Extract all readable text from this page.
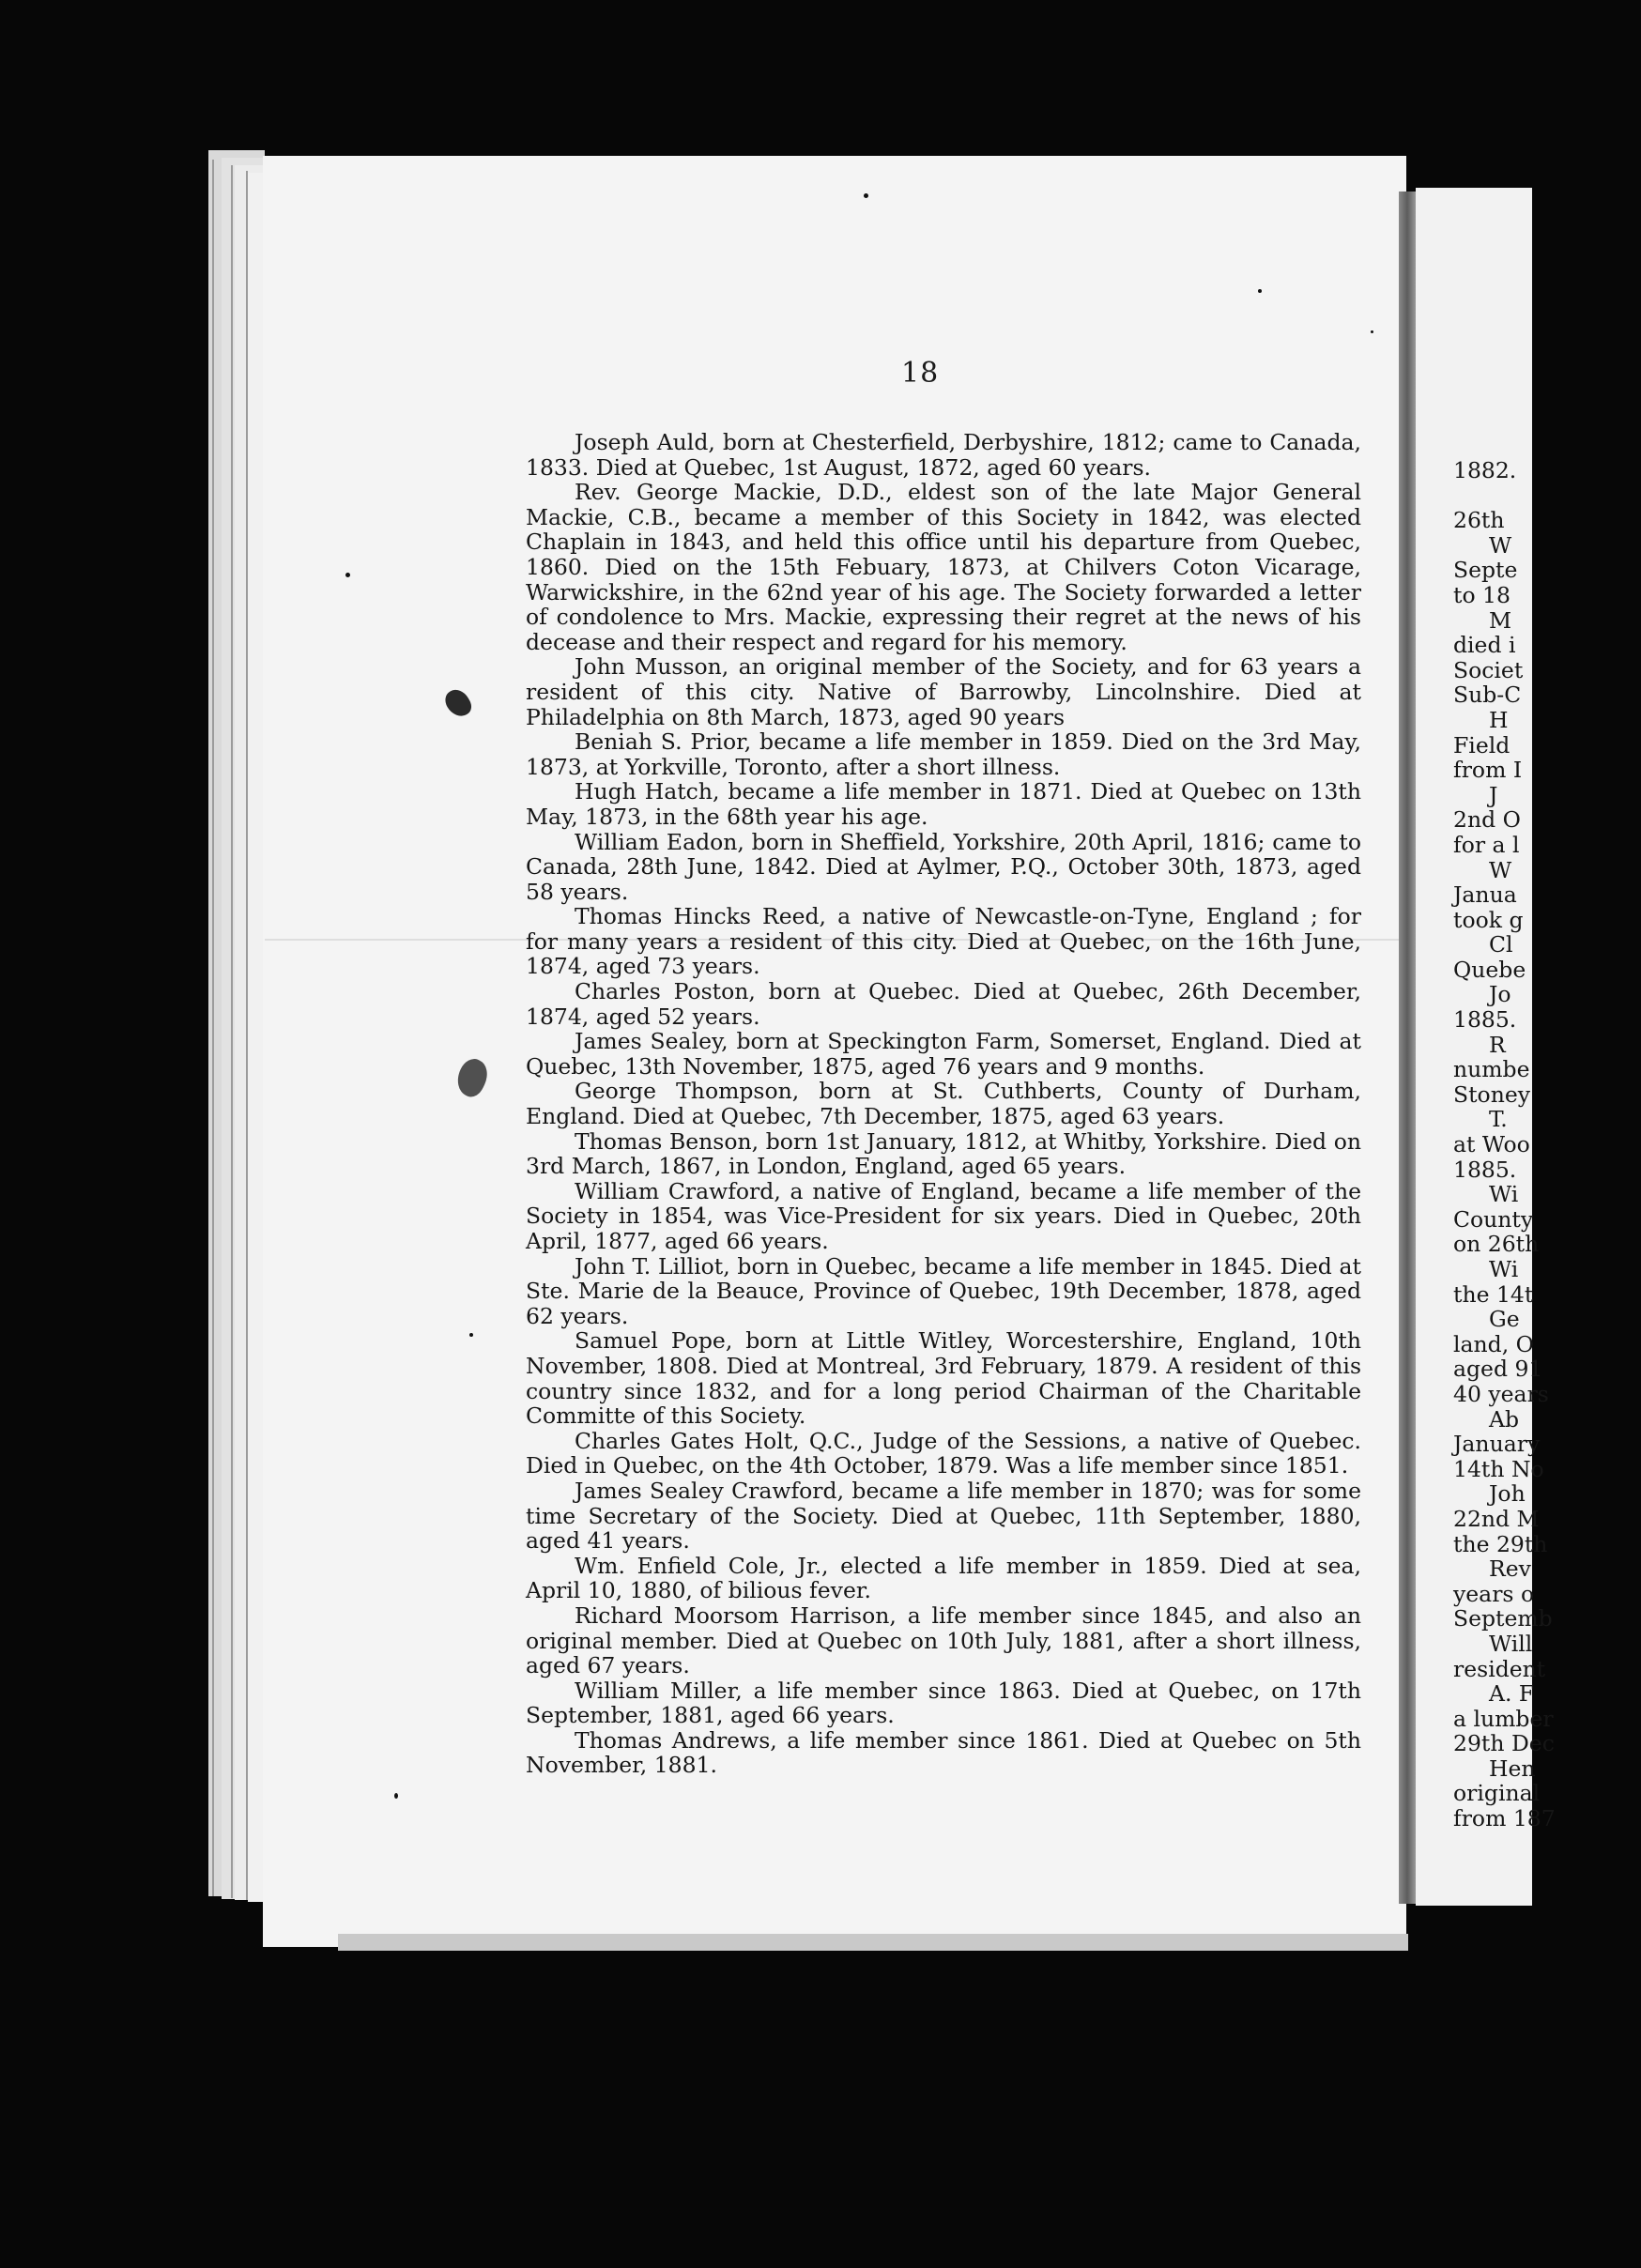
18

Joseph Auld, born at Chesterfield, Derbyshire, 1812; came to Canada, 1833. Died at Quebec, 1st August, 1872, aged 60 years.

Rev. George Mackie, D.D., eldest son of the late Major General Mackie, C.B., became a member of this Society in 1842, was elected Chaplain in 1843, and held this office until his departure from Quebec, 1860. Died on the 15th Febuary, 1873, at Chilvers Coton Vicarage, Warwickshire, in the 62nd year of his age. The Society forwarded a letter of condolence to Mrs. Mackie, expressing their regret at the news of his decease and their respect and regard for his memory.

John Musson, an original member of the Society, and for 63 years a resident of this city. Native of Barrowby, Lincolnshire. Died at Philadelphia on 8th March, 1873, aged 90 years

Beniah S. Prior, became a life member in 1859. Died on the 3rd May, 1873, at Yorkville, Toronto, after a short illness.

Hugh Hatch, became a life member in 1871. Died at Quebec on 13th May, 1873, in the 68th year his age.

William Eadon, born in Sheffield, Yorkshire, 20th April, 1816; came to Canada, 28th June, 1842. Died at Aylmer, P.Q., October 30th, 1873, aged 58 years.

Thomas Hincks Reed, a native of Newcastle-on-Tyne, England ; for for many years a resident of this city. Died at Quebec, on the 16th June, 1874, aged 73 years.

Charles Poston, born at Quebec. Died at Quebec, 26th December, 1874, aged 52 years.

James Sealey, born at Speckington Farm, Somerset, England. Died at Quebec, 13th November, 1875, aged 76 years and 9 months.

George Thompson, born at St. Cuthberts, County of Durham, England. Died at Quebec, 7th December, 1875, aged 63 years.

Thomas Benson, born 1st January, 1812, at Whitby, Yorkshire. Died on 3rd March, 1867, in London, England, aged 65 years.

William Crawford, a native of England, became a life member of the Society in 1854, was Vice-President for six years. Died in Quebec, 20th April, 1877, aged 66 years.

John T. Lilliot, born in Quebec, became a life member in 1845. Died at Ste. Marie de la Beauce, Province of Quebec, 19th December, 1878, aged 62 years.

Samuel Pope, born at Little Witley, Worcestershire, England, 10th November, 1808. Died at Montreal, 3rd February, 1879. A resident of this country since 1832, and for a long period Chairman of the Charitable Committe of this Society.

Charles Gates Holt, Q.C., Judge of the Sessions, a native of Quebec. Died in Quebec, on the 4th October, 1879. Was a life member since 1851.

James Sealey Crawford, became a life member in 1870; was for some time Secretary of the Society. Died at Quebec, 11th September, 1880, aged 41 years.

Wm. Enfield Cole, Jr., elected a life member in 1859. Died at sea, April 10, 1880, of bilious fever.

Richard Moorsom Harrison, a life member since 1845, and also an original member. Died at Quebec on 10th July, 1881, after a short illness, aged 67 years.

William Miller, a life member since 1863. Died at Quebec, on 17th September, 1881, aged 66 years.

Thomas Andrews, a life member since 1861. Died at Quebec on 5th November, 1881.

1882.
26th
W
Septe
to 18
M
died i
Societ
Sub-C
H
Field
from I
J
2nd O
for a l
W
Janua
took g
Cl
Quebe
Jo
1885.
R
numbe
Stoney
T.
at Woo
1885.
Wi
County
on 26th
Wi
the 14t
Ge
land, O
aged 91
40 years
Ab
January
14th No
Joh
22nd M
the 29th
Rev
years o
Septemb
Will
resident
A. F
a lumber
29th Dec
Hen
original
from 187
